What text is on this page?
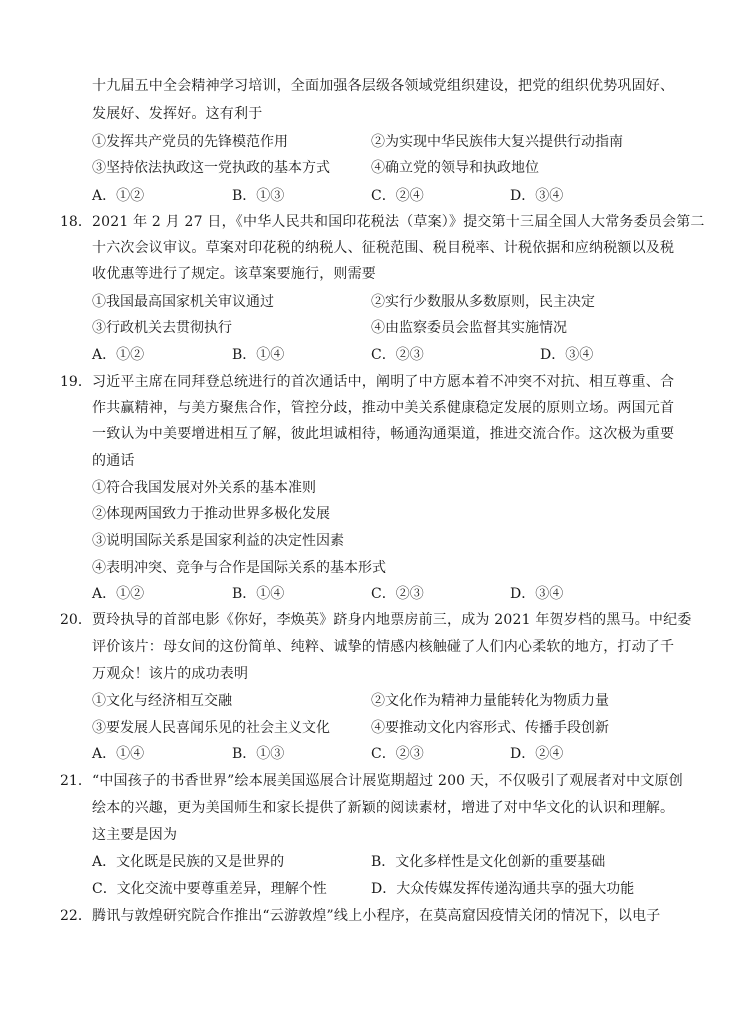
十九届五中全会精神学习培训，全面加强各层级各领域党组织建设，把党的组织优势巩固好、
发展好、发挥好。这有利于
①发挥共产党员的先锋模范作用	②为实现中华民族伟大复兴提供行动指南
③坚持依法执政这一党执政的基本方式	④确立党的领导和执政地位
A．①②	B．①③	C．②④	D．③④
18． 2021 年 2 月 27 日，《中华人民共和国印花税法（草案）》提交第十三届全国人大常务委员会第二
十六次会议审议。草案对印花税的纳税人、征税范围、税目税率、计税依据和应纳税额以及税
收优惠等进行了规定。该草案要施行，则需要
①我国最高国家机关审议通过	②实行少数服从多数原则，民主决定
③行政机关去贯彻执行	④由监察委员会监督其实施情况
A．①②	B．①④	C．②③	D．③④
19． 习近平主席在同拜登总统进行的首次通话中，阐明了中方愿本着不冲突不对抗、相互尊重、合
作共赢精神，与美方聚焦合作，管控分歧，推动中美关系健康稳定发展的原则立场。两国元首
一致认为中美要增进相互了解，彼此坦诚相待，畅通沟通渠道，推进交流合作。这次极为重要
的通话
①符合我国发展对外关系的基本准则
②体现两国致力于推动世界多极化发展
③说明国际关系是国家利益的决定性因素
④表明冲突、竞争与合作是国际关系的基本形式
A．①②	B．①④	C．②③	D．③④
20． 贾玲执导的首部电影《你好，李焕英》跻身内地票房前三，成为 2021 年贺岁档的黑马。中纪委
评价该片：母女间的这份简单、纯粹、诚挚的情感内核触碰了人们内心柔软的地方，打动了千
万观众！该片的成功表明
①文化与经济相互交融	②文化作为精神力量能转化为物质力量
③要发展人民喜闻乐见的社会主义文化	④要推动文化内容形式、传播手段创新
A．①④	B．①③	C．②③	D．②④
21． “中国孩子的书香世界”绘本展美国巡展合计展览期超过 200 天，不仅吸引了观展者对中文原创
绘本的兴趣，更为美国师生和家长提供了新颖的阅读素材，增进了对中华文化的认识和理解。
这主要是因为
A．文化既是民族的又是世界的	B．文化多样性是文化创新的重要基础
C．文化交流中要尊重差异，理解个性	D．大众传媒发挥传递沟通共享的强大功能
22． 腾讯与敦煌研究院合作推出“云游敦煌”线上小程序，在莫高窟因疫情关闭的情况下，以电子
